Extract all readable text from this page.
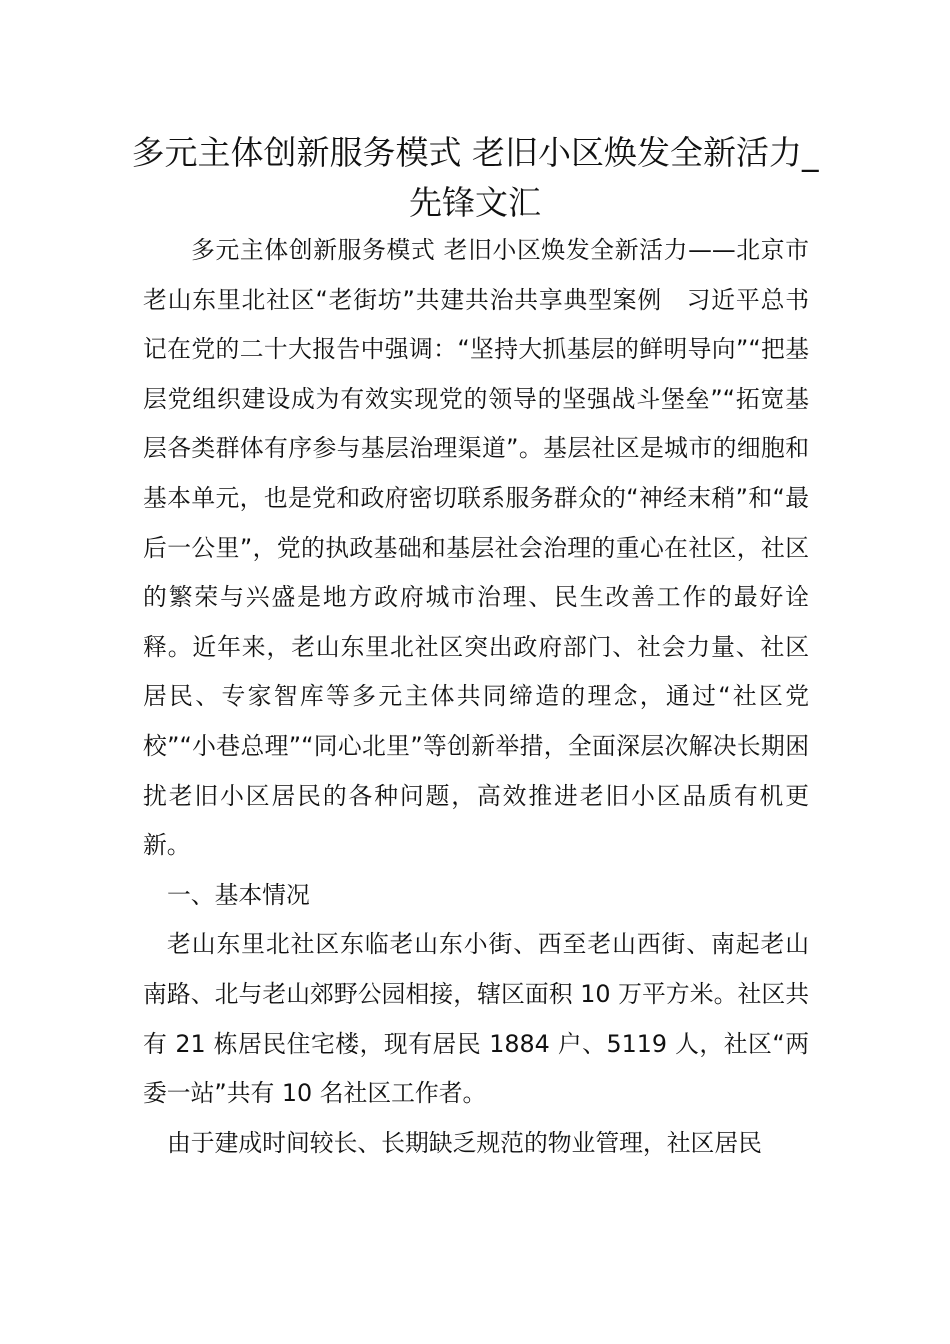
多元主体创新服务模式 老旧小区焕发全新活力_先锋文汇

多元主体创新服务模式 老旧小区焕发全新活力——北京市老山东里北社区“老街坊”共建共治共享典型案例　习近平总书记在党的二十大报告中强调：“坚持大抓基层的鲜明导向”“把基层党组织建设成为有效实现党的领导的坚强战斗堡垒”“拓宽基层各类群体有序参与基层治理渠道”。基层社区是城市的细胞和基本单元，也是党和政府密切联系服务群众的“神经末稍”和“最后一公里”，党的执政基础和基层社会治理的重心在社区，社区的繁荣与兴盛是地方政府城市治理、民生改善工作的最好诠释。近年来，老山东里北社区突出政府部门、社会力量、社区居民、专家智库等多元主体共同缔造的理念，通过“社区党校”“小巷总理”“同心北里”等创新举措，全面深层次解决长期困扰老旧小区居民的各种问题，高效推进老旧小区品质有机更新。

一、基本情况

老山东里北社区东临老山东小街、西至老山西街、南起老山南路、北与老山郊野公园相接，辖区面积 10 万平方米。社区共有 21 栋居民住宅楼，现有居民 1884 户、5119 人，社区“两委一站”共有 10 名社区工作者。

由于建成时间较长、长期缺乏规范的物业管理，社区居民
